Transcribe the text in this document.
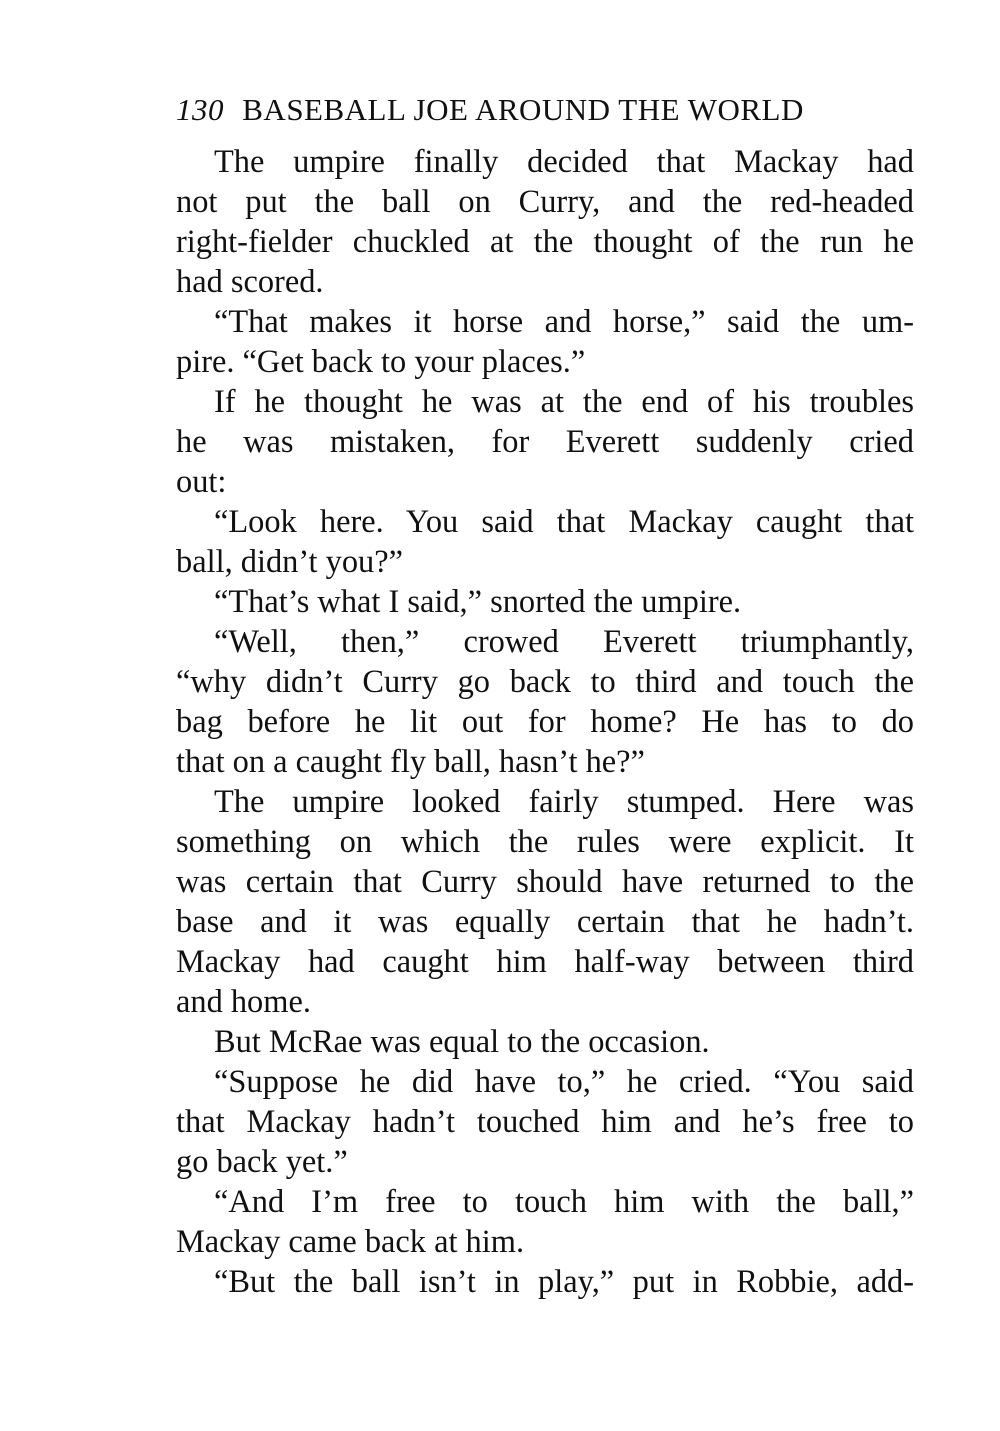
130 BASEBALL JOE AROUND THE WORLD

The umpire finally decided that Mackay had
not put the ball on Curry, and the red-headed
right-fielder chuckled at the thought of the run he
had scored.

“That makes it horse and horse,” said the um-
pire. “Get back to your places.”

If he thought he was at the end of his troubles
he was mistaken, for Everett suddenly cried
out:

“Look here. You said that Mackay caught that
ball, didn’t you?”

“That’s what I said,” snorted the umpire.

“Well, then,” crowed Everett triumphantly,
“why didn’t Curry go back to third and touch the
bag before he lit out for home? He has to do
that on a caught fly ball, hasn’t he?”

The umpire looked fairly stumped. Here was
something on which the rules were explicit. It
was certain that Curry should have returned to the
base and it was equally certain that he hadn’t.
Mackay had caught him half-way between third
and home.

But McRae was equal to the occasion.

“Suppose he did have to,” he cried. “You said
that Mackay hadn’t touched him and he’s free to
go back yet.”

“And I’m free to touch him with the ball,”
Mackay came back at him.

“But the ball isn’t in play,” put in Robbie, add-
